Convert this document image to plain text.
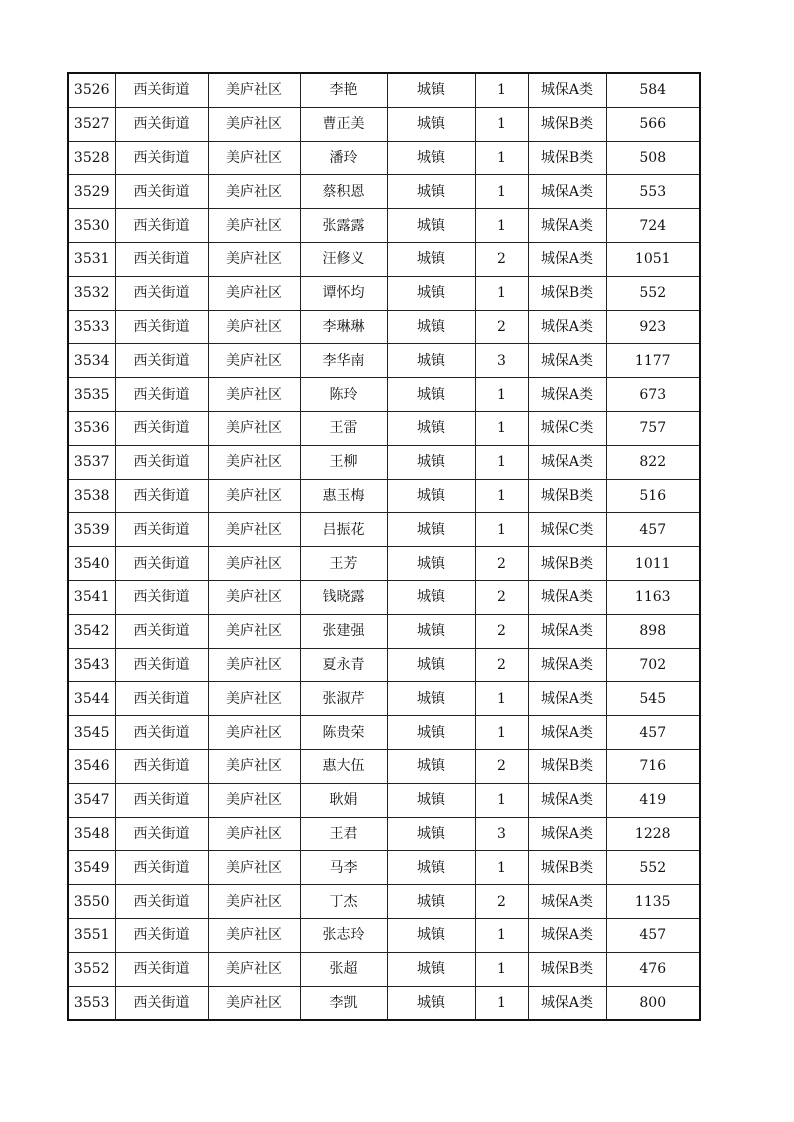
3526	西关街道	美庐社区	李艳	城镇	1	城保A类	584
3527	西关街道	美庐社区	曹正美	城镇	1	城保B类	566
3528	西关街道	美庐社区	潘玲	城镇	1	城保B类	508
3529	西关街道	美庐社区	蔡积恩	城镇	1	城保A类	553
3530	西关街道	美庐社区	张露露	城镇	1	城保A类	724
3531	西关街道	美庐社区	汪修义	城镇	2	城保A类	1051
3532	西关街道	美庐社区	谭怀均	城镇	1	城保B类	552
3533	西关街道	美庐社区	李琳琳	城镇	2	城保A类	923
3534	西关街道	美庐社区	李华南	城镇	3	城保A类	1177
3535	西关街道	美庐社区	陈玲	城镇	1	城保A类	673
3536	西关街道	美庐社区	王雷	城镇	1	城保C类	757
3537	西关街道	美庐社区	王柳	城镇	1	城保A类	822
3538	西关街道	美庐社区	惠玉梅	城镇	1	城保B类	516
3539	西关街道	美庐社区	吕振花	城镇	1	城保C类	457
3540	西关街道	美庐社区	王芳	城镇	2	城保B类	1011
3541	西关街道	美庐社区	钱晓露	城镇	2	城保A类	1163
3542	西关街道	美庐社区	张建强	城镇	2	城保A类	898
3543	西关街道	美庐社区	夏永青	城镇	2	城保A类	702
3544	西关街道	美庐社区	张淑芹	城镇	1	城保A类	545
3545	西关街道	美庐社区	陈贵荣	城镇	1	城保A类	457
3546	西关街道	美庐社区	惠大伍	城镇	2	城保B类	716
3547	西关街道	美庐社区	耿娟	城镇	1	城保A类	419
3548	西关街道	美庐社区	王君	城镇	3	城保A类	1228
3549	西关街道	美庐社区	马李	城镇	1	城保B类	552
3550	西关街道	美庐社区	丁杰	城镇	2	城保A类	1135
3551	西关街道	美庐社区	张志玲	城镇	1	城保A类	457
3552	西关街道	美庐社区	张超	城镇	1	城保B类	476
3553	西关街道	美庐社区	李凯	城镇	1	城保A类	800
